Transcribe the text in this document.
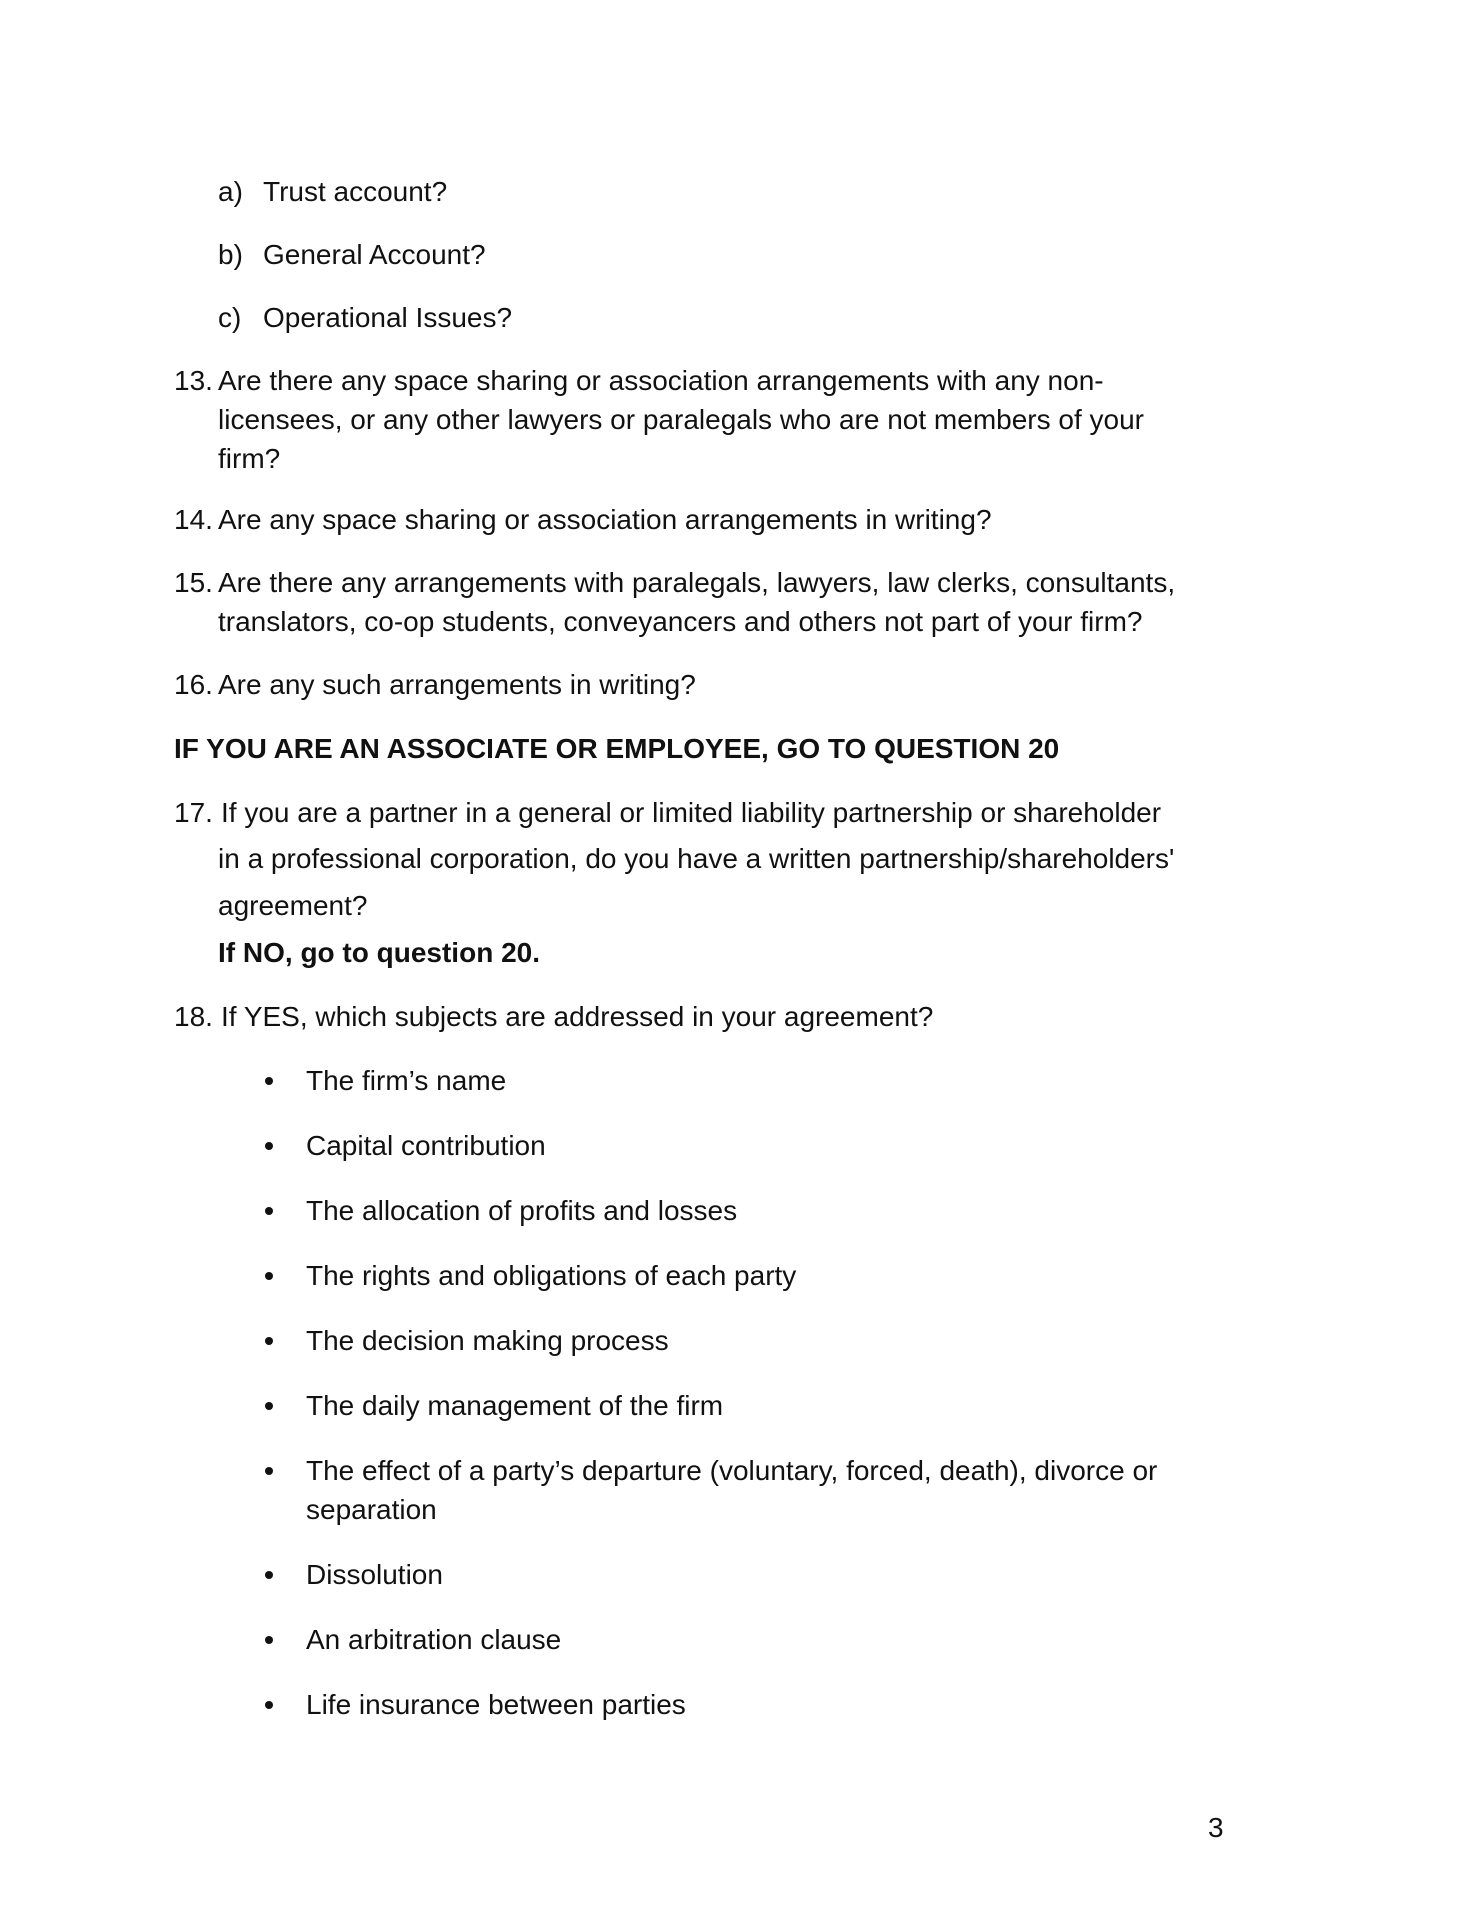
a) Trust account?
b) General Account?
c) Operational Issues?
13. Are there any space sharing or association arrangements with any non-
licensees, or any other lawyers or paralegals who are not members of your
firm?
14. Are any space sharing or association arrangements in writing?
15. Are there any arrangements with paralegals, lawyers, law clerks, consultants,
translators, co-op students, conveyancers and others not part of your firm?
16. Are any such arrangements in writing?
IF YOU ARE AN ASSOCIATE OR EMPLOYEE, GO TO QUESTION 20
17. If you are a partner in a general or limited liability partnership or shareholder
in a professional corporation, do you have a written partnership/shareholders'
agreement?
If NO, go to question 20.
18. If YES, which subjects are addressed in your agreement?
The firm’s name
Capital contribution
The allocation of profits and losses
The rights and obligations of each party
The decision making process
The daily management of the firm
The effect of a party’s departure (voluntary, forced, death), divorce or
separation
Dissolution
An arbitration clause
Life insurance between parties
3
